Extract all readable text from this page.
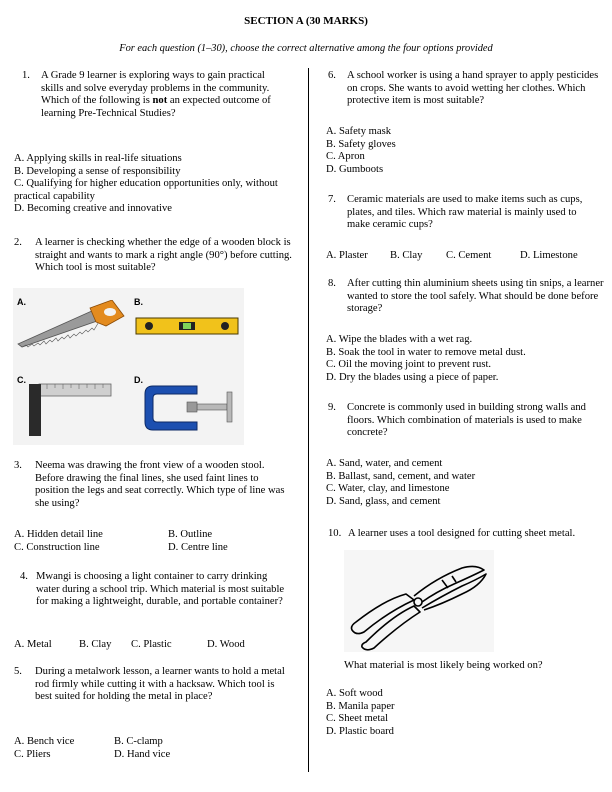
SECTION A (30 MARKS)
For each question (1–30), choose the correct alternative among the four options provided
1.	A Grade 9 learner is exploring ways to gain practical skills and solve everyday problems in the community. Which of the following is not an expected outcome of learning Pre-Technical Studies?
A. Applying skills in real-life situations
B. Developing a sense of responsibility
C. Qualifying for higher education opportunities only, without practical capability
D. Becoming creative and innovative
2.	A learner is checking whether the edge of a wooden block is straight and wants to mark a right angle (90°) before cutting. Which tool is most suitable?
A.	B.
C.	D.
3.	Neema was drawing the front view of a wooden stool. Before drawing the final lines, she used faint lines to position the legs and seat correctly. Which type of line was she using?
A. Hidden detail line	B. Outline
C. Construction line	D. Centre line
4. Mwangi is choosing a light container to carry drinking water during a school trip. Which material is most suitable for making a lightweight, durable, and portable container?
A. Metal	B. Clay	C. Plastic	D. Wood
5.	During a metalwork lesson, a learner wants to hold a metal rod firmly while cutting it with a hacksaw. Which tool is best suited for holding the metal in place?
A. Bench vice	B. C-clamp
C. Pliers	D. Hand vice
6.	A school worker is using a hand sprayer to apply pesticides on crops. She wants to avoid wetting her clothes. Which protective item is most suitable?
A. Safety mask
B. Safety gloves
C. Apron
D. Gumboots
7.	Ceramic materials are used to make items such as cups, plates, and tiles. Which raw material is mainly used to make ceramic cups?
A. Plaster	B. Clay	C. Cement	D. Limestone
8.	After cutting thin aluminium sheets using tin snips, a learner wanted to store the tool safely. What should be done before storage?
A. Wipe the blades with a wet rag.
B. Soak the tool in water to remove metal dust.
C. Oil the moving joint to prevent rust.
D. Dry the blades using a piece of paper.
9.	Concrete is commonly used in building strong walls and floors. Which combination of materials is used to make concrete?
A. Sand, water, and cement
B. Ballast, sand, cement, and water
C. Water, clay, and limestone
D. Sand, glass, and cement
10. A learner uses a tool designed for cutting sheet metal.
What material is most likely being worked on?
A. Soft wood
B. Manila paper
C. Sheet metal
D. Plastic board
